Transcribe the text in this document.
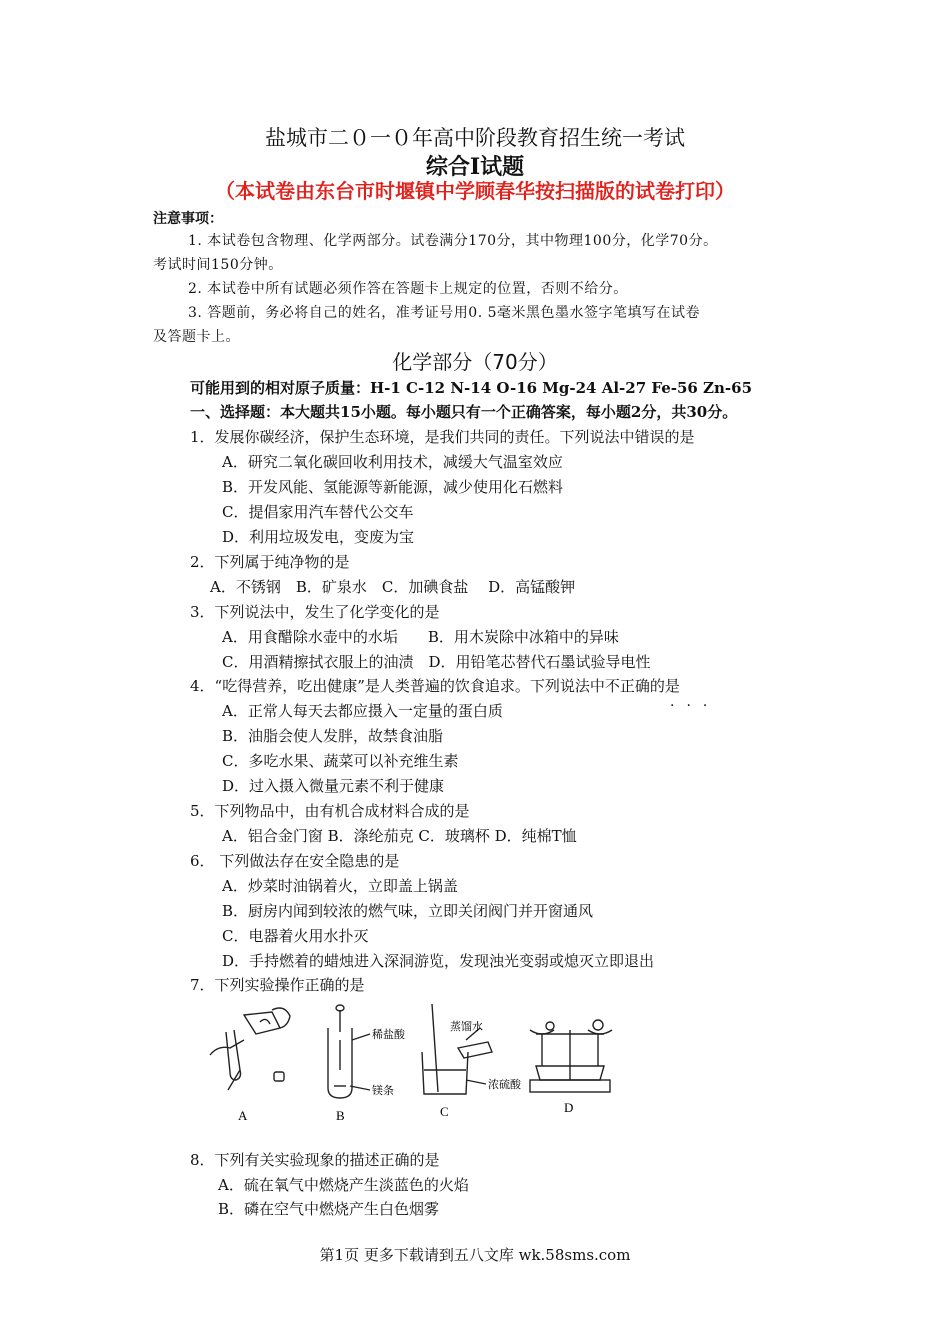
盐城市二０一０年高中阶段教育招生统一考试
综合Ⅰ试题
（本试卷由东台市时堰镇中学顾春华按扫描版的试卷打印）
注意事项：
1. 本试卷包含物理、化学两部分。试卷满分170分，其中物理100分，化学70分。
考试时间150分钟。
2. 本试卷中所有试题必须作答在答题卡上规定的位置，否则不给分。
3. 答题前，务必将自己的姓名，准考证号用0. 5毫米黑色墨水签字笔填写在试卷
及答题卡上。
化学部分（70分）
可能用到的相对原子质量：H-1 C-12 N-14 O-16 Mg-24 Al-27 Fe-56 Zn-65
一、选择题：本大题共15小题。每小题只有一个正确答案，每小题2分，共30分。
1．发展你碳经济，保护生态环境，是我们共同的责任。下列说法中错误的是
A．研究二氧化碳回收利用技术，减缓大气温室效应
B．开发风能、氢能源等新能源，减少使用化石燃料
C．提倡家用汽车替代公交车
D．利用垃圾发电，变废为宝
2．下列属于纯净物的是
A．不锈钢　B．矿泉水　C．加碘食盐　 D．高锰酸钾
3．下列说法中，发生了化学变化的是
A．用食醋除水壶中的水垢　　B．用木炭除中冰箱中的异味
C．用酒精擦拭衣服上的油渍　D．用铅笔芯替代石墨试验导电性
4．“吃得营养，吃出健康”是人类普遍的饮食追求。下列说法中不正确的是
···
A．正常人每天去都应摄入一定量的蛋白质
B．油脂会使人发胖，故禁食油脂
C．多吃水果、蔬菜可以补充维生素
D．过入摄入微量元素不利于健康
5．下列物品中，由有机合成材料合成的是
A．铝合金门窗 B．涤纶茄克 C．玻璃杯 D．纯棉T恤
6． 下列做法存在安全隐患的是
A．炒菜时油锅着火，立即盖上锅盖
B．厨房内闻到较浓的燃气味，立即关闭阀门并开窗通风
C．电器着火用水扑灭
D．手持燃着的蜡烛进入深洞游览，发现浊光变弱或熄灭立即退出
7．下列实验操作正确的是
A	B	C	D
稀盐酸
镁条
蒸馏水
浓硫酸
8．下列有关实验现象的描述正确的是
A．硫在氧气中燃烧产生淡蓝色的火焰
B．磷在空气中燃烧产生白色烟雾
第1页 更多下载请到五八文库 wk.58sms.com
